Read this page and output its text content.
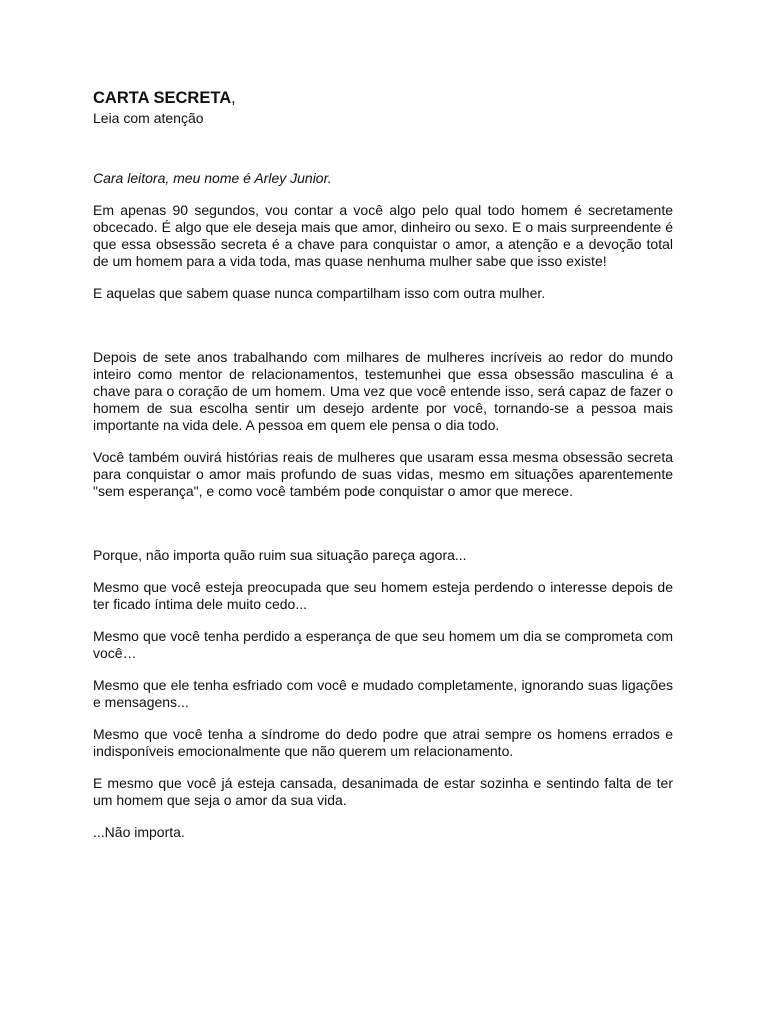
CARTA SECRETA,

Leia com atenção

Cara leitora, meu nome é Arley Junior.

Em apenas 90 segundos, vou contar a você algo pelo qual todo homem é secretamente obcecado. É algo que ele deseja mais que amor, dinheiro ou sexo. E o mais surpreendente é que essa obsessão secreta é a chave para conquistar o amor, a atenção e a devoção total de um homem para a vida toda, mas quase nenhuma mulher sabe que isso existe!

E aquelas que sabem quase nunca compartilham isso com outra mulher.

Depois de sete anos trabalhando com milhares de mulheres incríveis ao redor do mundo inteiro como mentor de relacionamentos, testemunhei que essa obsessão masculina é a chave para o coração de um homem. Uma vez que você entende isso, será capaz de fazer o homem de sua escolha sentir um desejo ardente por você, tornando-se a pessoa mais importante na vida dele. A pessoa em quem ele pensa o dia todo.

Você também ouvirá histórias reais de mulheres que usaram essa mesma obsessão secreta para conquistar o amor mais profundo de suas vidas, mesmo em situações aparentemente "sem esperança", e como você também pode conquistar o amor que merece.

Porque, não importa quão ruim sua situação pareça agora...

Mesmo que você esteja preocupada que seu homem esteja perdendo o interesse depois de ter ficado íntima dele muito cedo...

Mesmo que você tenha perdido a esperança de que seu homem um dia se comprometa com você…

Mesmo que ele tenha esfriado com você e mudado completamente, ignorando suas ligações e mensagens...

Mesmo que você tenha a síndrome do dedo podre que atrai sempre os homens errados e indisponíveis emocionalmente que não querem um relacionamento.

E mesmo que você já esteja cansada, desanimada de estar sozinha e sentindo falta de ter um homem que seja o amor da sua vida.

...Não importa.
